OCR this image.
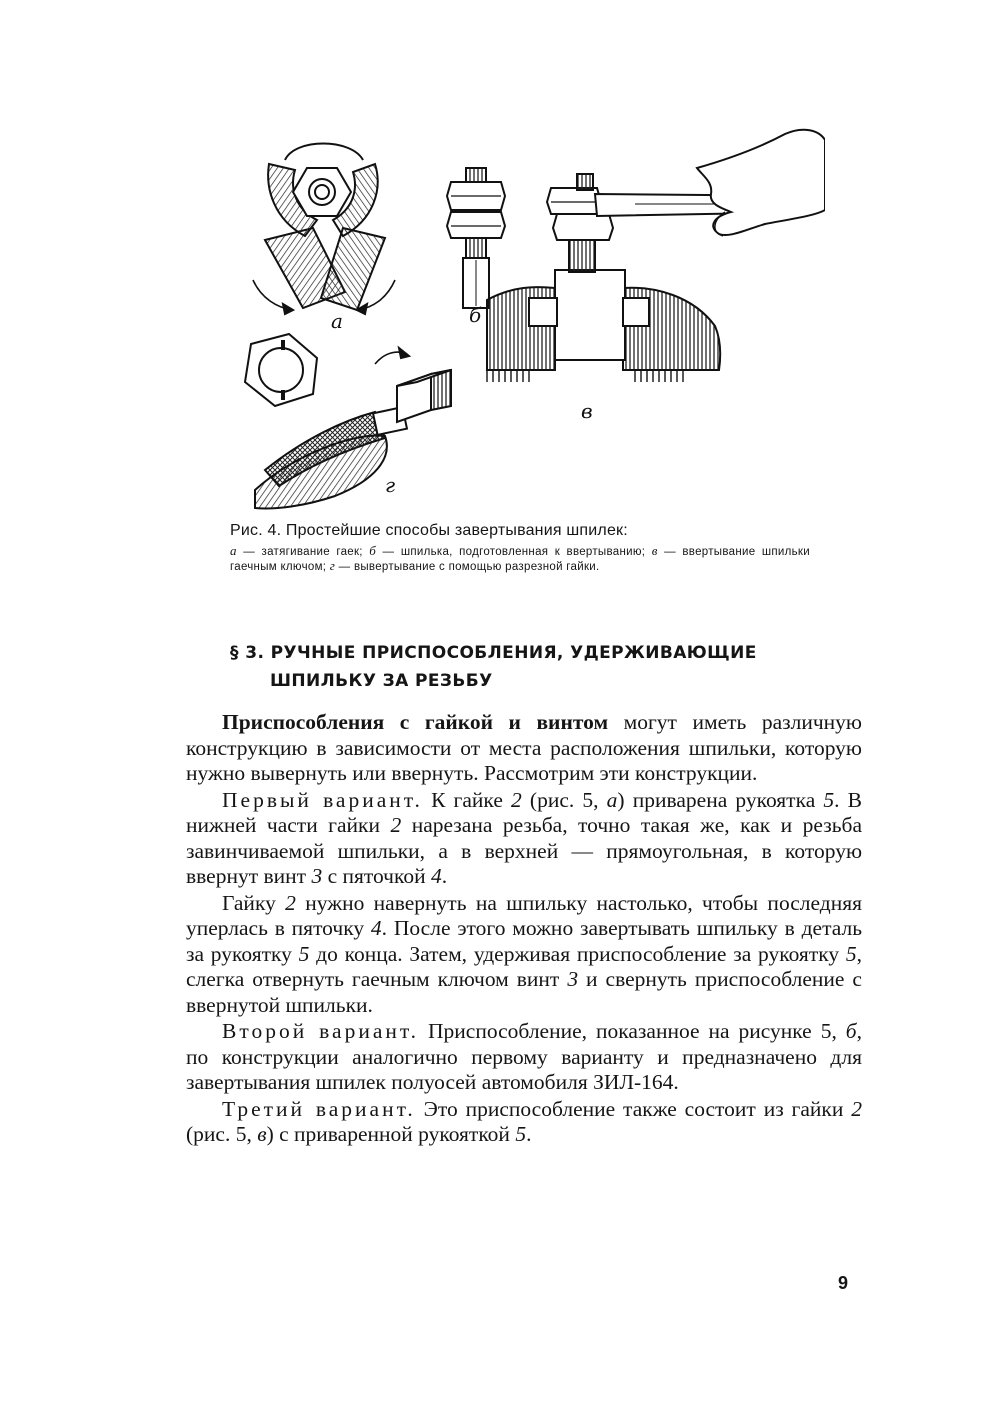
а	б
в
г

Рис. 4. Простейшие способы завертывания шпилек:

а — затягивание гаек; б — шпилька, подготовленная к ввертыванию; в — ввертывание шпильки гаечным ключом; г — вывертывание с помощью разрезной гайки.

§ 3. РУЧНЫЕ ПРИСПОСОБЛЕНИЯ, УДЕРЖИВАЮЩИЕ
ШПИЛЬКУ ЗА РЕЗЬБУ

Приспособления с гайкой и винтом могут иметь различную конструкцию в зависимости от места расположения шпильки, которую нужно вывернуть или ввернуть. Рассмотрим эти конструкции.

Первый вариант. К гайке 2 (рис. 5, а) приварена рукоятка 5. В нижней части гайки 2 нарезана резьба, точно такая же, как и резьба завинчиваемой шпильки, а в верхней — прямоугольная, в которую ввернут винт 3 с пяточкой 4.

Гайку 2 нужно навернуть на шпильку настолько, чтобы последняя уперлась в пяточку 4. После этого можно завертывать шпильку в деталь за рукоятку 5 до конца. Затем, удерживая приспособление за рукоятку 5, слегка отвернуть гаечным ключом винт 3 и свернуть приспособление с ввернутой шпильки.

Второй вариант. Приспособление, показанное на рисунке 5, б, по конструкции аналогично первому варианту и предназначено для завертывания шпилек полуосей автомобиля ЗИЛ-164.

Третий вариант. Это приспособление также состоит из гайки 2 (рис. 5, в) с приваренной рукояткой 5.

9
